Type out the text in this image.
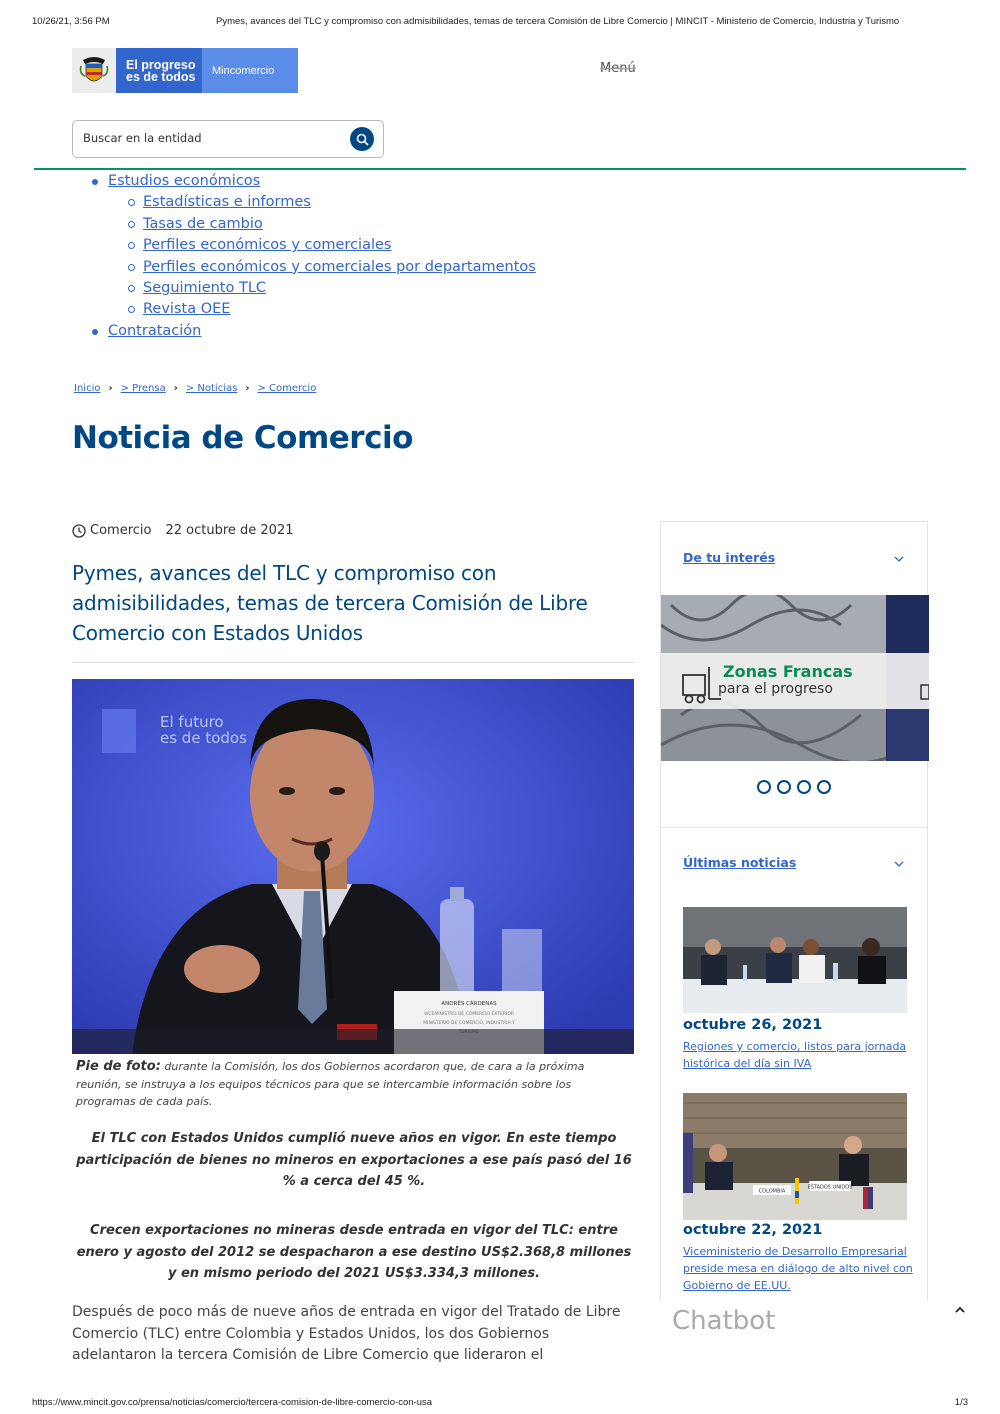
10/26/21, 3:56 PM	Pymes, avances del TLC y compromiso con admisibilidades, temas de tercera Comisión de Libre Comercio | MINCIT - Ministerio de Comercio, Industria y Turismo
El progreso
es de todos	Mincomercio	Menú
Buscar en la entidad
Estudios económicos
Estadísticas e informes
Tasas de cambio
Perfiles económicos y comerciales
Perfiles económicos y comerciales por departamentos
Seguimiento TLC
Revista OEE
Contratación
Inicio › > Prensa › > Noticias › > Comercio
Noticia de Comercio
Comercio 22 octubre de 2021
Pymes, avances del TLC y compromiso con admisibilidades, temas de tercera Comisión de Libre Comercio con Estados Unidos
El futuro
es de todos
ANDRÉS CÁRDENAS
VICEMINISTRO DE COMERCIO EXTERIOR
MINISTERIO DE COMERCIO, INDUSTRIA Y

Pie de foto: durante la Comisión, los dos Gobiernos acordaron que, de cara a la próxima reunión, se instruya a los equipos técnicos para que se intercambie información sobre los programas de cada país.

El TLC con Estados Unidos cumplió nueve años en vigor. En este tiempo participación de bienes no mineros en exportaciones a ese país pasó del 16 % a cerca del 45 %.

Crecen exportaciones no mineras desde entrada en vigor del TLC: entre enero y agosto del 2012 se despacharon a ese destino US$2.368,8 millones y en mismo periodo del 2021 US$3.334,3 millones.

Después de poco más de nueve años de entrada en vigor del Tratado de Libre Comercio (TLC) entre Colombia y Estados Unidos, los dos Gobiernos adelantaron la tercera Comisión de Libre Comercio que lideraron el

De tu interés
Zonas Francas
para el progreso
Últimas noticias
octubre 26, 2021
Regiones y comercio, listos para jornada histórica del día sin IVA
COLOMBIA
ESTADOS UNIDOS
octubre 22, 2021
Viceministerio de Desarrollo Empresarial preside mesa en diálogo de alto nivel con Gobierno de EE.UU.
Chatbot
https://www.mincit.gov.co/prensa/noticias/comercio/tercera-comision-de-libre-comercio-con-usa	1/3
